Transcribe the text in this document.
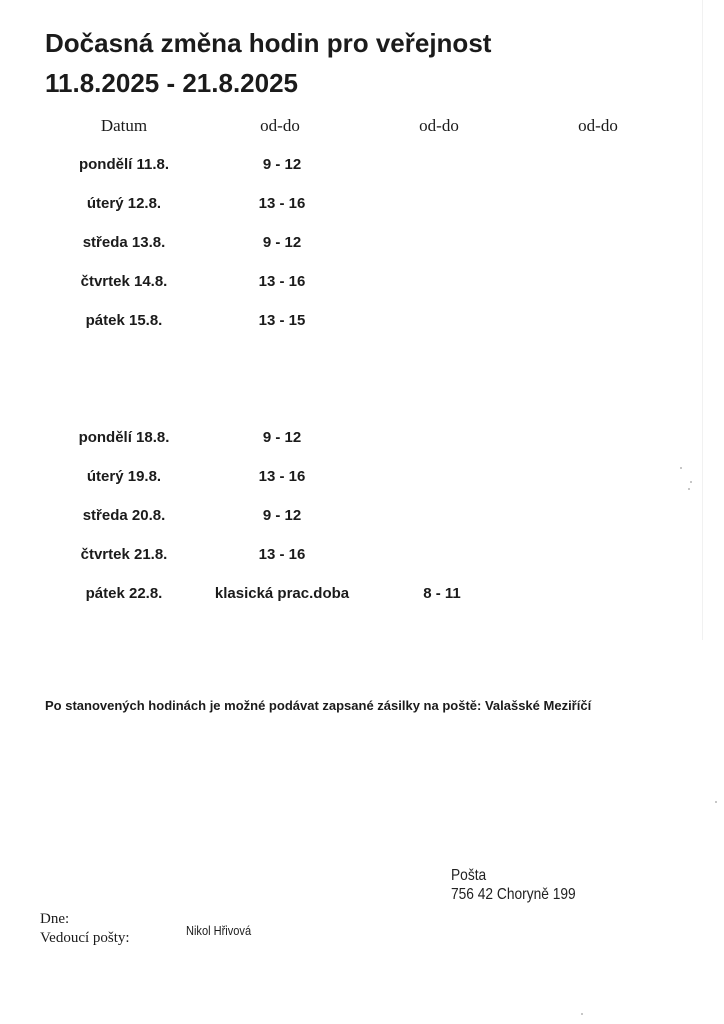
Dočasná změna hodin pro veřejnost
11.8.2025 - 21.8.2025
Datum	od-do	od-do	od-do
pondělí 11.8.	9 - 12
úterý 12.8.	13 - 16
středa 13.8.	9 - 12
čtvrtek 14.8.	13 - 16
pátek 15.8.	13 - 15
pondělí 18.8.	9 - 12
úterý 19.8.	13 - 16
středa 20.8.	9 - 12
čtvrtek 21.8.	13 - 16
pátek 22.8.	klasická prac.doba	8 - 11

Po stanovených hodinách je možné podávat zapsané zásilky na poště: Valašské Meziříčí

Pošta
756 42 Choryně 199
Dne:
Vedoucí pošty:	Nikol Hřivová
